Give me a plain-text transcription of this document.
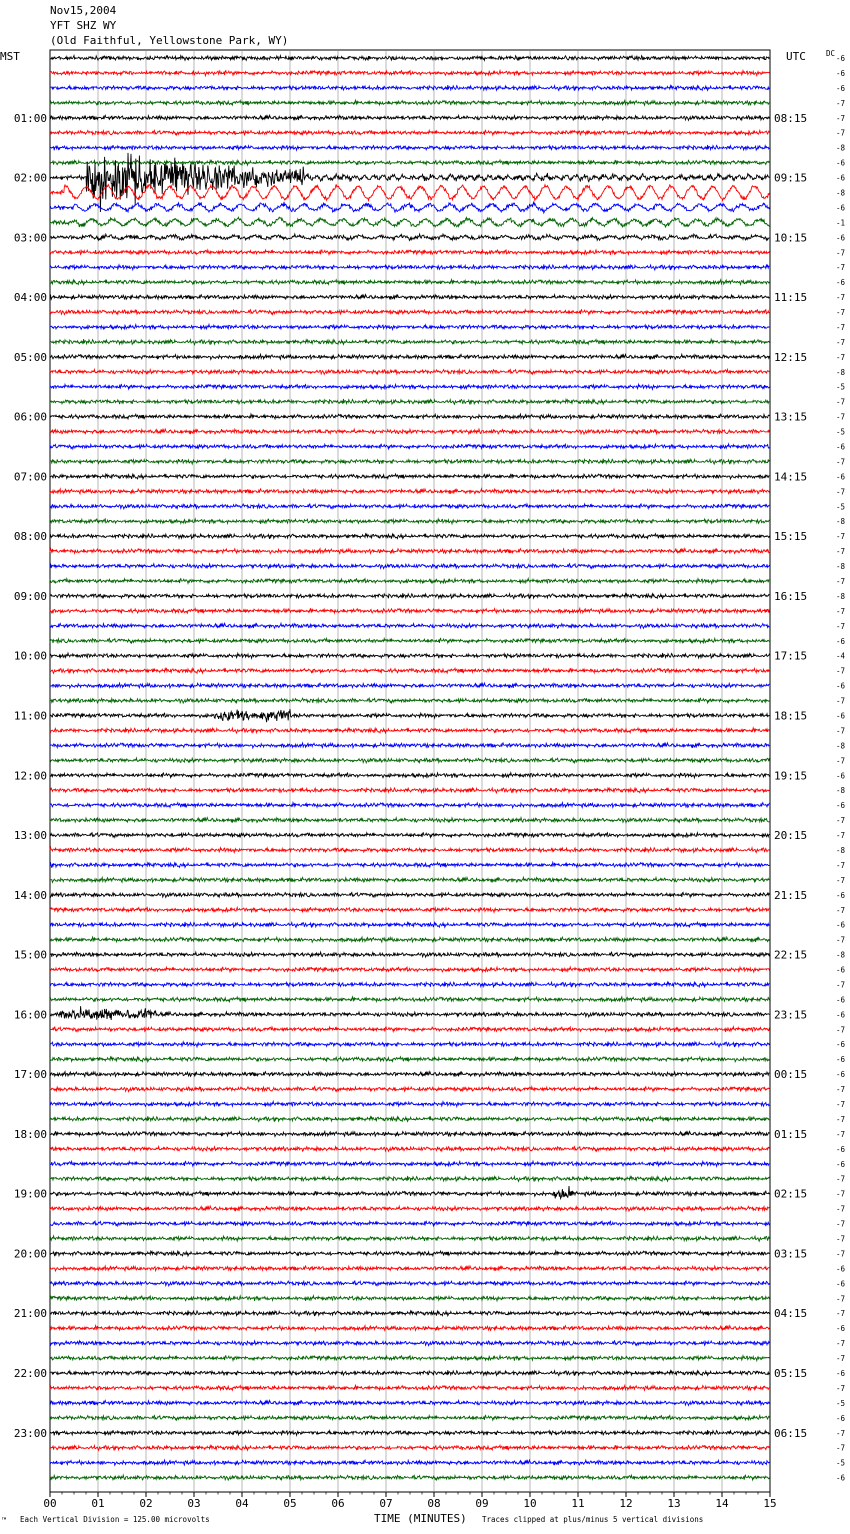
Nov15,2004
YFT SHZ WY
(Old Faithful, Yellowstone Park, WY)
MST	UTC	DC
00	01	02	03	04	05	06	07	08	09	10	11	12	13	14	15
01:00
02:00
03:00
04:00
05:00
06:00
07:00
08:00
09:00
10:00
11:00
12:00
13:00
14:00
15:00
16:00
17:00
18:00
19:00
20:00
21:00
22:00
23:00
08:15
09:15
10:15
11:15
12:15
13:15
14:15
15:15
16:15
17:15
18:15
19:15
20:15
21:15
22:15
23:15
00:15
01:15
02:15
03:15
04:15
05:15
06:15
-6
-6
-6
-7
-7
-7
-8
-6
-6
-8
-6
-1
-6
-7
-7
-6
-7
-7
-7
-7
-7
-8
-5
-7
-7
-5
-6
-7
-6
-7
-5
-8
-7
-7
-8
-7
-8
-7
-7
-6
-4
-7
-6
-7
-6
-7
-8
-7
-6
-8
-6
-7
-7
-8
-7
-7
-6
-7
-6
-7
-8
-6
-7
-6
-6
-7
-6
-6
-6
-7
-7
-7
-7
-6
-6
-7
-7
-7
-7
-7
-7
-6
-6
-7
-7
-6
-7
-7
-6
-7
-5
-6
-7
-7
-5
-6
™ Each Vertical Division = 125.00 microvolts	TIME (MINUTES) Traces clipped at plus/minus 5 vertical divisions
